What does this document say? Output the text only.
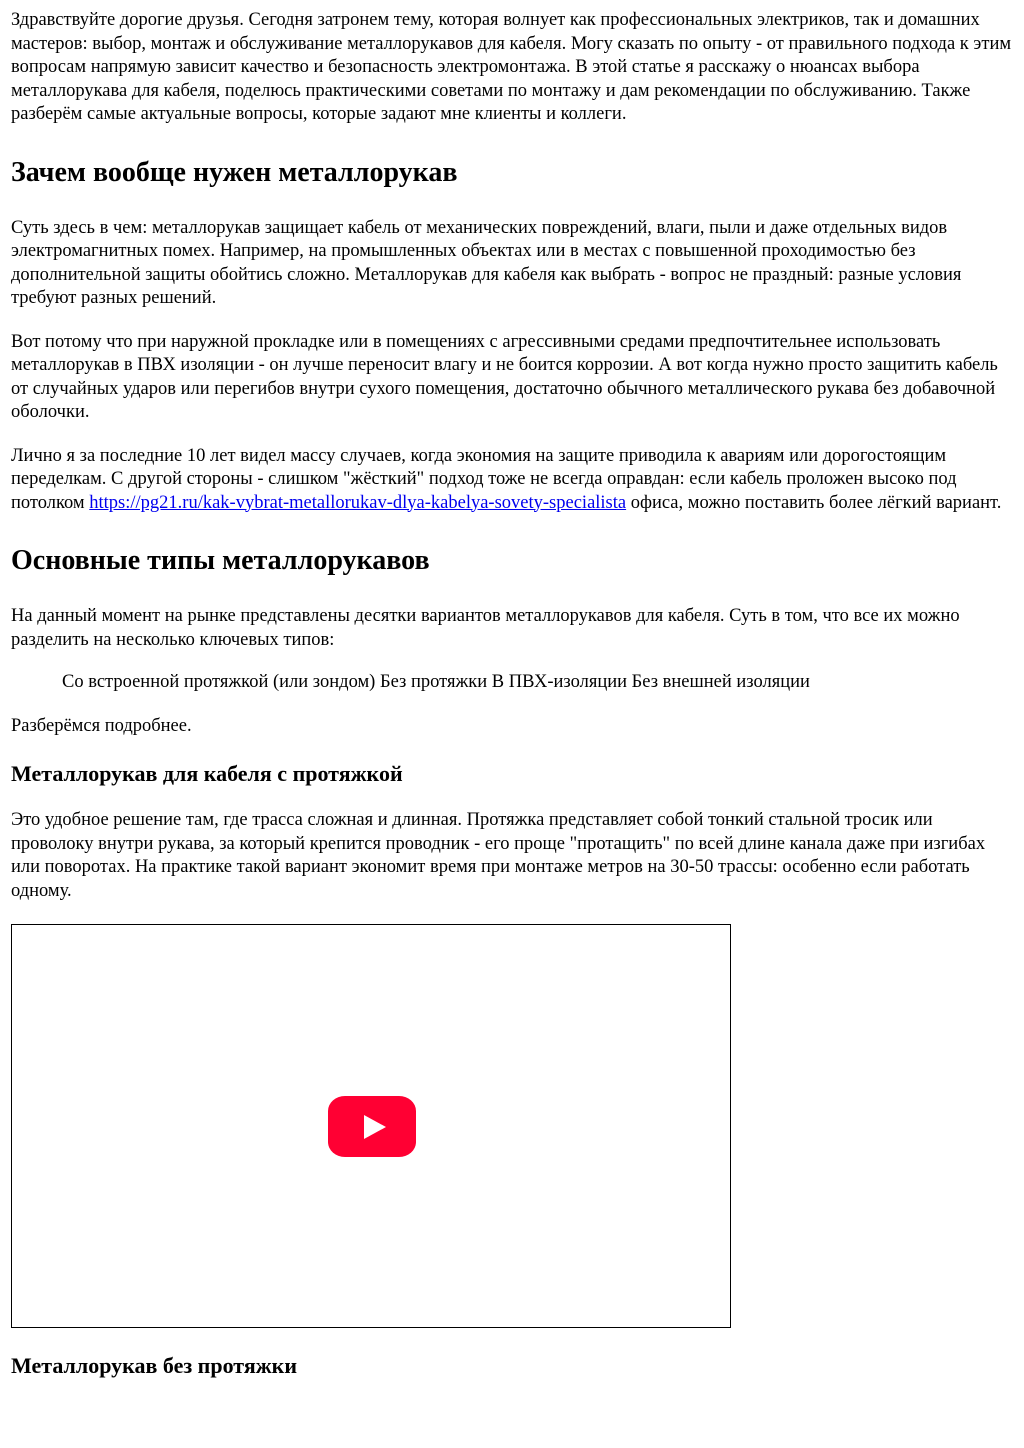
Здравствуйте дорогие друзья. Сегодня затронем тему, которая волнует как профессиональных электриков, так и домашних мастеров: выбор, монтаж и обслуживание металлорукавов для кабеля. Могу сказать по опыту - от правильного подхода к этим вопросам напрямую зависит качество и безопасность электромонтажа. В этой статье я расскажу о нюансах выбора металлорукава для кабеля, поделюсь практическими советами по монтажу и дам рекомендации по обслуживанию. Также разберём самые актуальные вопросы, которые задают мне клиенты и коллеги.

Зачем вообще нужен металлорукав

Суть здесь в чем: металлорукав защищает кабель от механических повреждений, влаги, пыли и даже отдельных видов электромагнитных помех. Например, на промышленных объектах или в местах с повышенной проходимостью без дополнительной защиты обойтись сложно. Металлорукав для кабеля как выбрать - вопрос не праздный: разные условия требуют разных решений.

Вот потому что при наружной прокладке или в помещениях с агрессивными средами предпочтительнее использовать металлорукав в ПВХ изоляции - он лучше переносит влагу и не боится коррозии. А вот когда нужно просто защитить кабель от случайных ударов или перегибов внутри сухого помещения, достаточно обычного металлического рукава без добавочной оболочки.

Лично я за последние 10 лет видел массу случаев, когда экономия на защите приводила к авариям или дорогостоящим переделкам. С другой стороны - слишком "жёсткий" подход тоже не всегда оправдан: если кабель проложен высоко под потолком https://pg21.ru/kak-vybrat-metallorukav-dlya-kabelya-sovety-specialista офиса, можно поставить более лёгкий вариант.

Основные типы металлорукавов

На данный момент на рынке представлены десятки вариантов металлорукавов для кабеля. Суть в том, что все их можно разделить на несколько ключевых типов:

Со встроенной протяжкой (или зондом) Без протяжки В ПВХ-изоляции Без внешней изоляции

Разберёмся подробнее.

Металлорукав для кабеля с протяжкой

Это удобное решение там, где трасса сложная и длинная. Протяжка представляет собой тонкий стальной тросик или проволоку внутри рукава, за который крепится проводник - его проще "протащить" по всей длине канала даже при изгибах или поворотах. На практике такой вариант экономит время при монтаже метров на 30-50 трассы: особенно если работать одному.

Металлорукав без протяжки
